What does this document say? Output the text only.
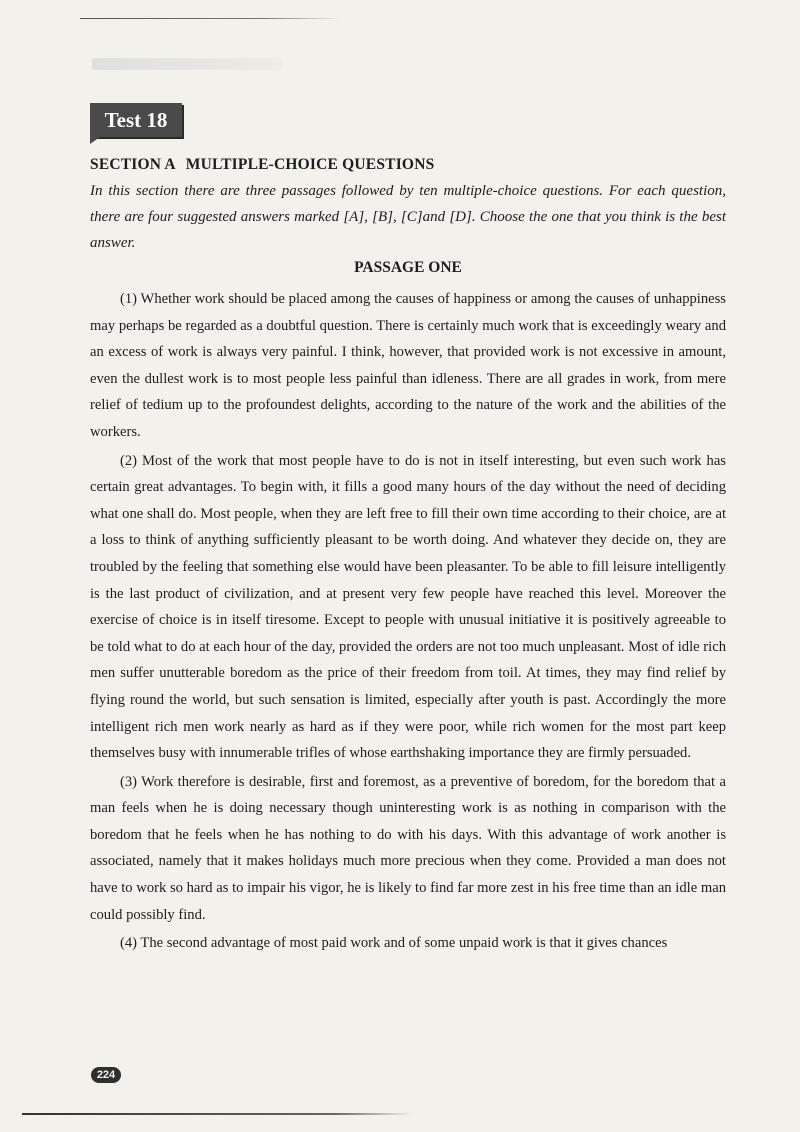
Test 18
SECTION A MULTIPLE-CHOICE QUESTIONS

In this section there are three passages followed by ten multiple-choice questions. For each question, there are four suggested answers marked [A], [B], [C]and [D]. Choose the one that you think is the best answer.

PASSAGE ONE

(1) Whether work should be placed among the causes of happiness or among the causes of unhappiness may perhaps be regarded as a doubtful question. There is certainly much work that is exceedingly weary and an excess of work is always very painful. I think, however, that provided work is not excessive in amount, even the dullest work is to most people less painful than idleness. There are all grades in work, from mere relief of tedium up to the profoundest delights, according to the nature of the work and the abilities of the workers.

(2) Most of the work that most people have to do is not in itself interesting, but even such work has certain great advantages. To begin with, it fills a good many hours of the day without the need of deciding what one shall do. Most people, when they are left free to fill their own time according to their choice, are at a loss to think of anything sufficiently pleasant to be worth doing. And whatever they decide on, they are troubled by the feeling that something else would have been pleasanter. To be able to fill leisure intelligently is the last product of civilization, and at present very few people have reached this level. Moreover the exercise of choice is in itself tiresome. Except to people with unusual initiative it is positively agreeable to be told what to do at each hour of the day, provided the orders are not too much unpleasant. Most of idle rich men suffer unutterable boredom as the price of their freedom from toil. At times, they may find relief by flying round the world, but such sensation is limited, especially after youth is past. Accordingly the more intelligent rich men work nearly as hard as if they were poor, while rich women for the most part keep themselves busy with innumerable trifles of whose earthshaking importance they are firmly persuaded.

(3) Work therefore is desirable, first and foremost, as a preventive of boredom, for the boredom that a man feels when he is doing necessary though uninteresting work is as nothing in comparison with the boredom that he feels when he has nothing to do with his days. With this advantage of work another is associated, namely that it makes holidays much more precious when they come. Provided a man does not have to work so hard as to impair his vigor, he is likely to find far more zest in his free time than an idle man could possibly find.

(4) The second advantage of most paid work and of some unpaid work is that it gives chances

224
